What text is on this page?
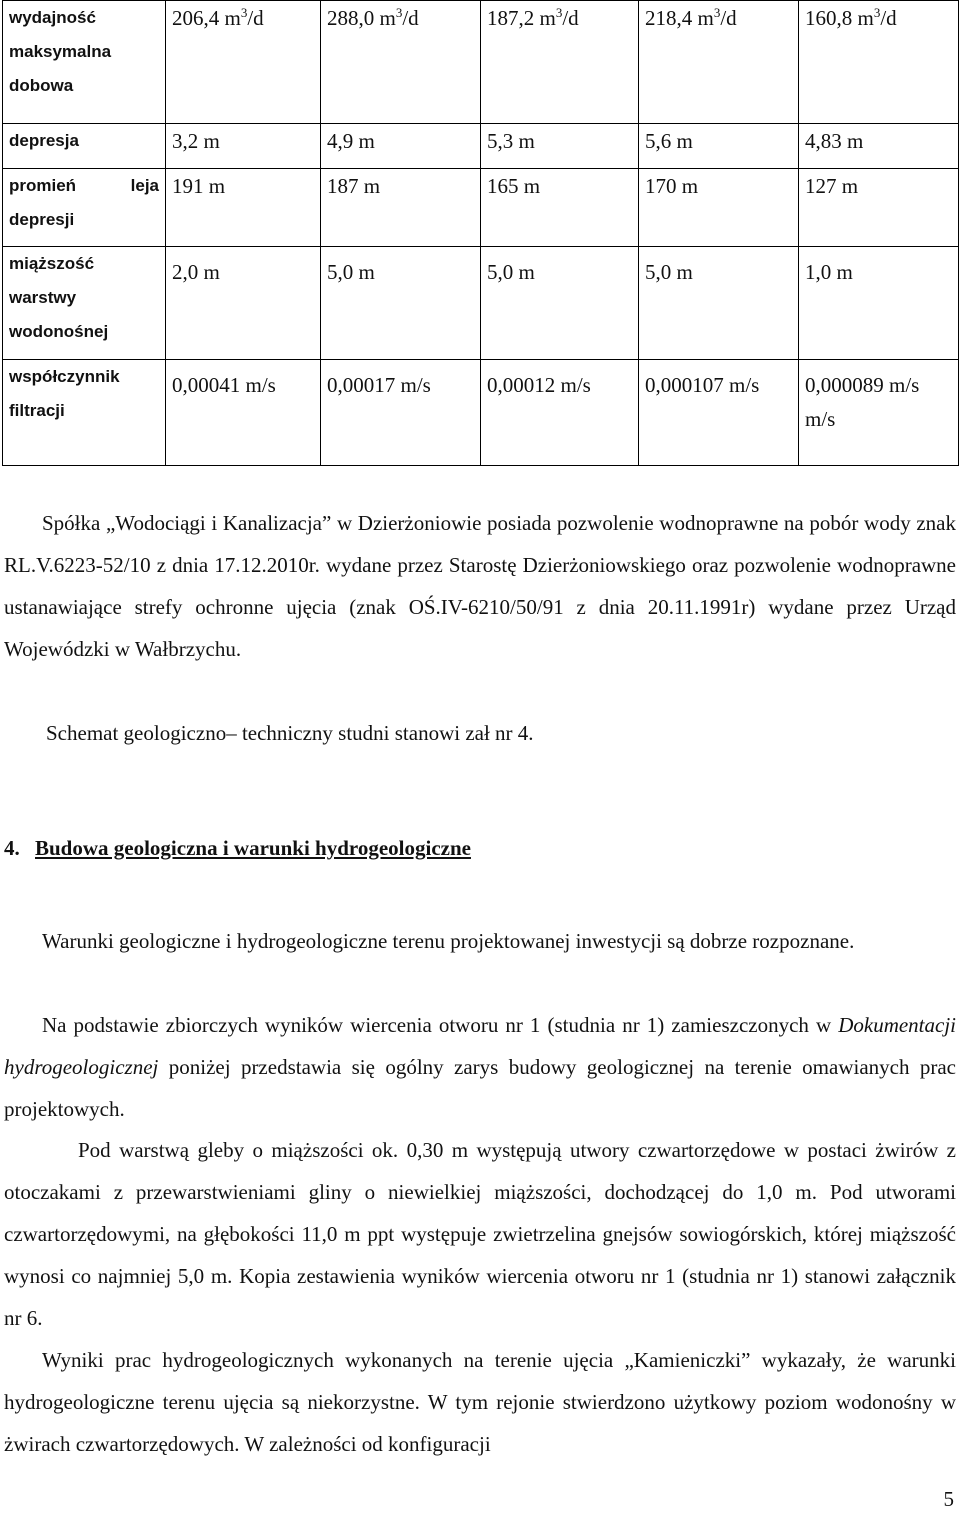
wydajność maksymalna dobowa	206,4 $m^3/d$	288,0 $m^3/d$	187,2 $m^3/d$	218,4 $m^3/d$	160,8 $m^3/d$
depresja	3,2 m	4,9 m	5,3 m	5,6 m	4,83 m
promień leja depresji	191 m	187 m	165 m	170 m	127 m
miąższość warstwy wodonośnej	2,0 m	5,0 m	5,0 m	5,0 m	1,0 m
współczynnik filtracji	0,00041 m/s	0,00017 m/s	0,00012 m/s	0,000107 m/s	0,000089 m/s m/s

Spółka „Wodociągi i Kanalizacja” w Dzierżoniowie posiada pozwolenie wodnoprawne na pobór wody znak RL.V.6223-52/10 z dnia 17.12.2010r. wydane przez Starostę Dzierżoniowskiego oraz pozwolenie wodnoprawne ustanawiające strefy ochronne ujęcia (znak OŚ.IV-6210/50/91 z dnia 20.11.1991r) wydane przez Urząd Wojewódzki w Wałbrzychu.

Schemat geologiczno– techniczny studni stanowi zał nr 4.
4. Budowa geologiczna i warunki hydrogeologiczne

Warunki geologiczne i hydrogeologiczne terenu projektowanej inwestycji są dobrze rozpoznane.

Na podstawie zbiorczych wyników wiercenia otworu nr 1 (studnia nr 1) zamieszczonych w Dokumentacji hydrogeologicznej poniżej przedstawia się ogólny zarys budowy geologicznej na terenie omawianych prac projektowych.

Pod warstwą gleby o miąższości ok. 0,30 m występują utwory czwartorzędowe w postaci żwirów z otoczakami z przewarstwieniami gliny o niewielkiej miąższości, dochodzącej do 1,0 m. Pod utworami czwartorzędowymi, na głębokości 11,0 m ppt występuje zwietrzelina gnejsów sowiogórskich, której miąższość wynosi co najmniej 5,0 m. Kopia zestawienia wyników wiercenia otworu nr 1 (studnia nr 1) stanowi załącznik nr 6.

Wyniki prac hydrogeologicznych wykonanych na terenie ujęcia „Kamieniczki” wykazały, że warunki hydrogeologiczne terenu ujęcia są niekorzystne. W tym rejonie stwierdzono użytkowy poziom wodonośny w żwirach czwartorzędowych. W zależności od konfiguracji

5
